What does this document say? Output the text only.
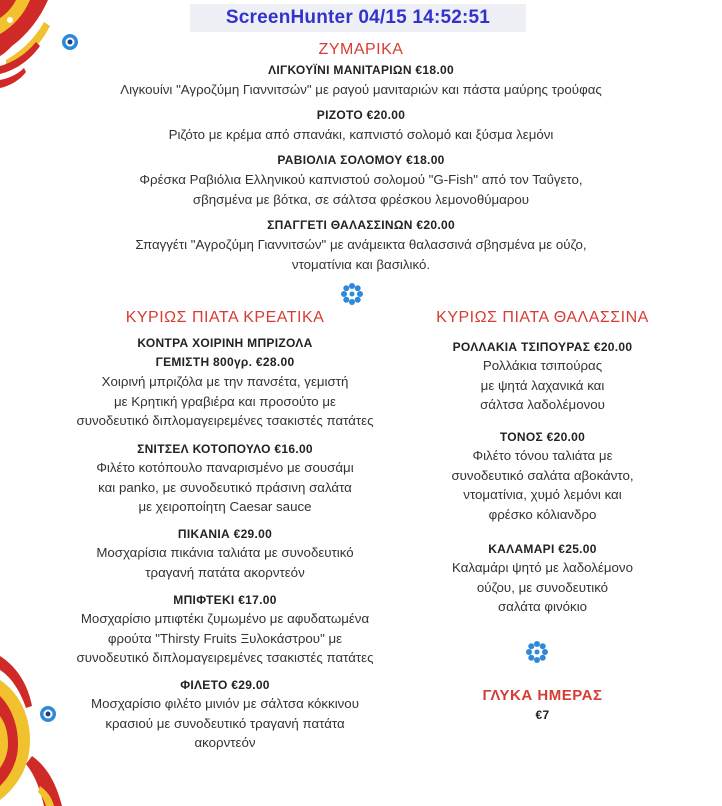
ScreenHunter 04/15 14:52:51
ΖΥΜΑΡΙΚΑ
ΛΙΓΚΟΥΪΝΙ ΜΑΝΙΤΑΡΙΩΝ €18.00
Λιγκουίνι "Αγροζύμη Γιαννιτσών" με ραγού μανιταριών και πάστα μαύρης τρούφας
ΡΙΖΟΤΟ €20.00
Ριζότο με κρέμα από σπανάκι, καπνιστό σολομό και ξύσμα λεμόνι
ΡΑΒΙΟΛΙΑ ΣΟΛΟΜΟΥ €18.00
Φρέσκα Ραβιόλια Ελληνικού καπνιστού σολομού "G-Fish" από τον Ταΰγετο,
σβησμένα με βότκα, σε σάλτσα φρέσκου λεμονοθύμαρου
ΣΠΑΓΓΕΤΙ ΘΑΛΑΣΣΙΝΩΝ €20.00
Σπαγγέτι "Αγροζύμη Γιαννιτσών" με ανάμεικτα θαλασσινά σβησμένα με ούζο,
ντοματίνια και βασιλικό.
ΚΥΡΙΩΣ ΠΙΑΤΑ ΚΡΕΑΤΙΚΑ
ΚΟΝΤΡΑ ΧΟΙΡΙΝΗ ΜΠΡΙΖΟΛΑ
ΓΕΜΙΣΤΗ 800γρ. €28.00
Χοιρινή μπριζόλα με την πανσέτα, γεμιστή
με Κρητική γραβιέρα και προσούτο με
συνοδευτικό διπλομαγειρεμένες τσακιστές πατάτες
ΣΝΙΤΣΕΛ ΚΟΤΟΠΟΥΛΟ €16.00
Φιλέτο κοτόπουλο παναρισμένο με σουσάμι
και panko, με συνοδευτικό πράσινη σαλάτα
με χειροποίητη Caesar sauce
ΠΙΚΑΝΙΑ €29.00
Μοσχαρίσια πικάνια ταλιάτα με συνοδευτικό
τραγανή πατάτα ακορντεόν
ΜΠΙΦΤΕΚΙ €17.00
Μοσχαρίσιο μπιφτέκι ζυμωμένο με αφυδατωμένα
φρούτα "Thirsty Fruits Ξυλοκάστρου" με
συνοδευτικό διπλομαγειρεμένες τσακιστές πατάτες
ΦΙΛΕΤΟ €29.00
Μοσχαρίσιο φιλέτο μινιόν με σάλτσα κόκκινου
κρασιού με συνοδευτικό τραγανή πατάτα
ακορντεόν
ΚΥΡΙΩΣ ΠΙΑΤΑ ΘΑΛΑΣΣΙΝΑ
ΡΟΛΛΑΚΙΑ ΤΣΙΠΟΥΡΑΣ €20.00
Ρολλάκια τσιπούρας
με ψητά λαχανικά και
σάλτσα λαδολέμονου
ΤΟΝΟΣ €20.00
Φιλέτο τόνου ταλιάτα με
συνοδευτικό σαλάτα αβοκάντο,
ντοματίνια, χυμό λεμόνι και
φρέσκο κόλιανδρο
ΚΑΛΑΜΑΡΙ €25.00
Καλαμάρι ψητό με λαδολέμονο
ούζου, με συνοδευτικό
σαλάτα φινόκιο
ΓΛΥΚΑ ΗΜΕΡΑΣ
€7
